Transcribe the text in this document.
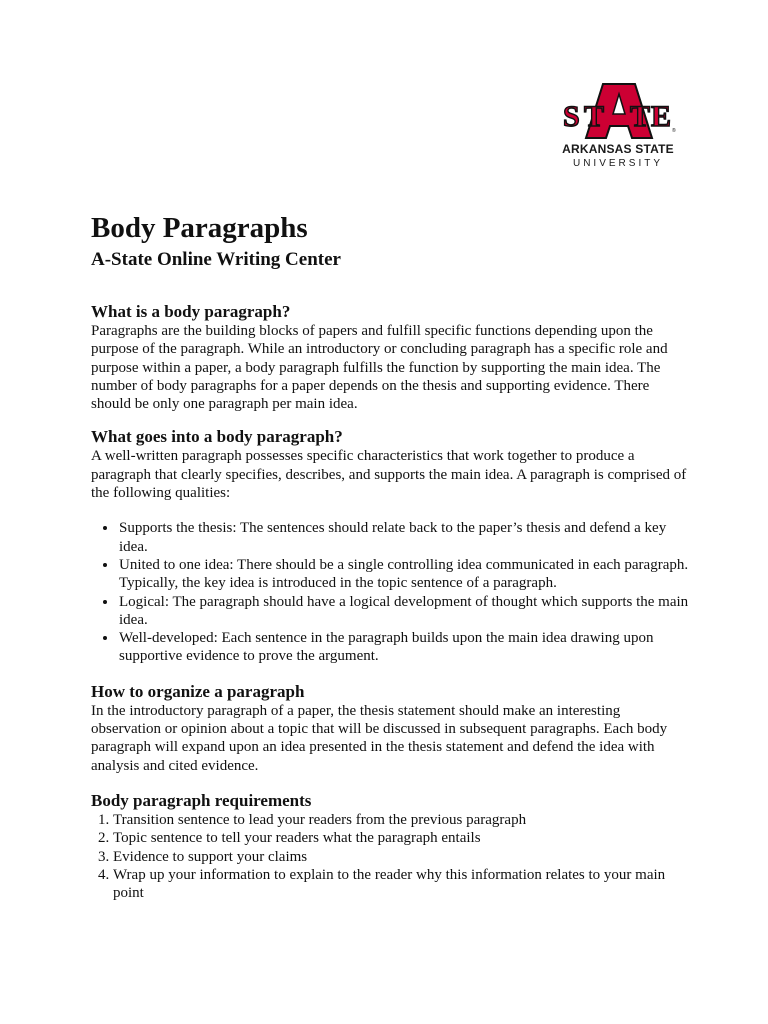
S T T E ®
ARKANSAS STATE
UNIVERSITY
Body Paragraphs
A-State Online Writing Center
What is a body paragraph?

Paragraphs are the building blocks of papers and fulfill specific functions depending upon the purpose of the paragraph. While an introductory or concluding paragraph has a specific role and purpose within a paper, a body paragraph fulfills the function by supporting the main idea. The number of body paragraphs for a paper depends on the thesis and supporting evidence. There should be only one paragraph per main idea.

What goes into a body paragraph?

A well-written paragraph possesses specific characteristics that work together to produce a paragraph that clearly specifies, describes, and supports the main idea. A paragraph is comprised of the following qualities:

• Supports the thesis: The sentences should relate back to the paper’s thesis and defend a key idea.
• United to one idea: There should be a single controlling idea communicated in each paragraph. Typically, the key idea is introduced in the topic sentence of a paragraph.
• Logical: The paragraph should have a logical development of thought which supports the main idea.
• Well-developed: Each sentence in the paragraph builds upon the main idea drawing upon supportive evidence to prove the argument.
How to organize a paragraph

In the introductory paragraph of a paper, the thesis statement should make an interesting observation or opinion about a topic that will be discussed in subsequent paragraphs. Each body paragraph will expand upon an idea presented in the thesis statement and defend the idea with analysis and cited evidence.

Body paragraph requirements
1. Transition sentence to lead your readers from the previous paragraph
2. Topic sentence to tell your readers what the paragraph entails
3. Evidence to support your claims
4. Wrap up your information to explain to the reader why this information relates to your main point
